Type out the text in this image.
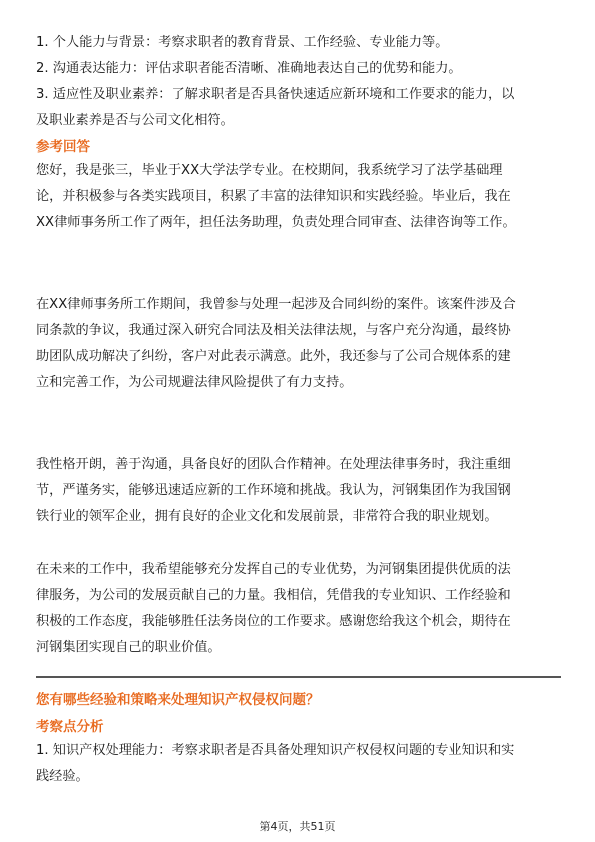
1. 个人能力与背景：考察求职者的教育背景、工作经验、专业能力等。

2. 沟通表达能力：评估求职者能否清晰、准确地表达自己的优势和能力。

3. 适应性及职业素养：了解求职者是否具备快速适应新环境和工作要求的能力，以

及职业素养是否与公司文化相符。

参考回答

您好，我是张三，毕业于XX大学法学专业。在校期间，我系统学习了法学基础理

论，并积极参与各类实践项目，积累了丰富的法律知识和实践经验。毕业后，我在

XX律师事务所工作了两年，担任法务助理，负责处理合同审查、法律咨询等工作。

在XX律师事务所工作期间，我曾参与处理一起涉及合同纠纷的案件。该案件涉及合

同条款的争议，我通过深入研究合同法及相关法律法规，与客户充分沟通，最终协

助团队成功解决了纠纷，客户对此表示满意。此外，我还参与了公司合规体系的建

立和完善工作，为公司规避法律风险提供了有力支持。

我性格开朗，善于沟通，具备良好的团队合作精神。在处理法律事务时，我注重细

节，严谨务实，能够迅速适应新的工作环境和挑战。我认为，河钢集团作为我国钢

铁行业的领军企业，拥有良好的企业文化和发展前景，非常符合我的职业规划。

在未来的工作中，我希望能够充分发挥自己的专业优势，为河钢集团提供优质的法

律服务，为公司的发展贡献自己的力量。我相信，凭借我的专业知识、工作经验和

积极的工作态度，我能够胜任法务岗位的工作要求。感谢您给我这个机会，期待在

河钢集团实现自己的职业价值。

您有哪些经验和策略来处理知识产权侵权问题？

考察点分析

1. 知识产权处理能力：考察求职者是否具备处理知识产权侵权问题的专业知识和实

践经验。

第4页，共51页
